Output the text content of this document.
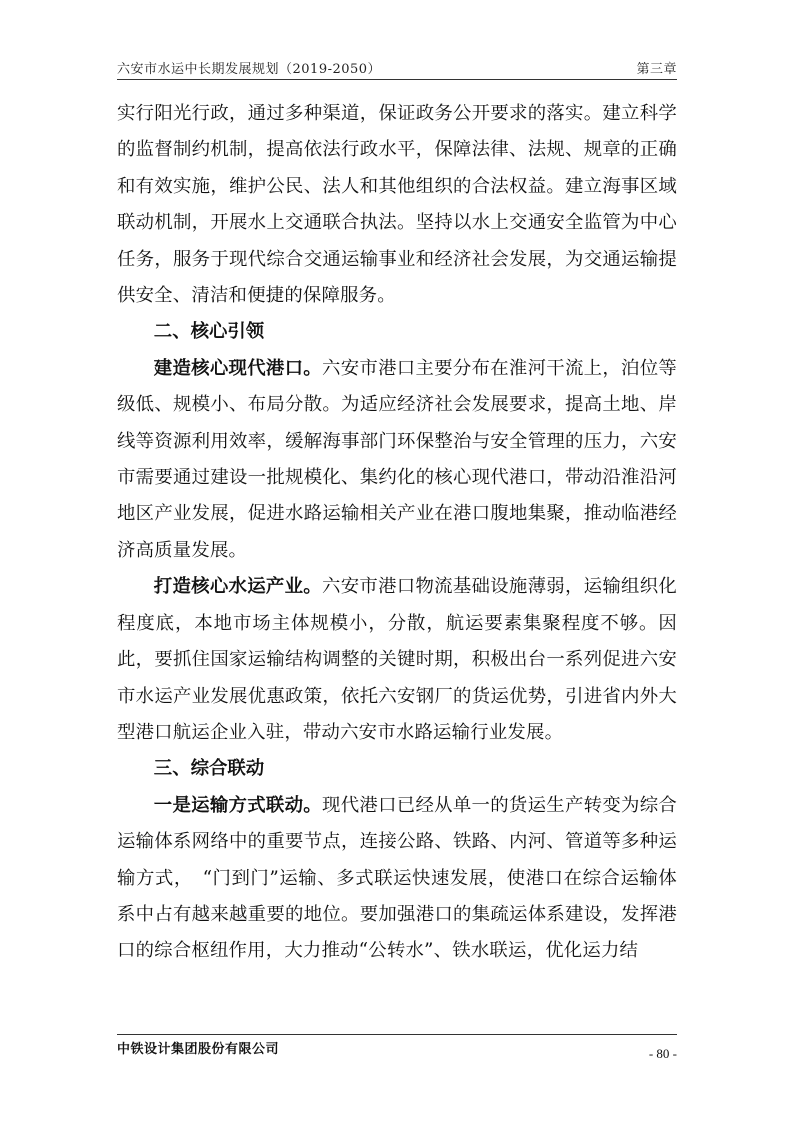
六安市水运中长期发展规划（2019-2050）	第三章

实行阳光行政，通过多种渠道，保证政务公开要求的落实。建立科学的监督制约机制，提高依法行政水平，保障法律、法规、规章的正确和有效实施，维护公民、法人和其他组织的合法权益。建立海事区域联动机制，开展水上交通联合执法。坚持以水上交通安全监管为中心任务，服务于现代综合交通运输事业和经济社会发展，为交通运输提供安全、清洁和便捷的保障服务。

二、核心引领

建造核心现代港口。六安市港口主要分布在淮河干流上，泊位等级低、规模小、布局分散。为适应经济社会发展要求，提高土地、岸线等资源利用效率，缓解海事部门环保整治与安全管理的压力，六安市需要通过建设一批规模化、集约化的核心现代港口，带动沿淮沿河地区产业发展，促进水路运输相关产业在港口腹地集聚，推动临港经济高质量发展。

打造核心水运产业。六安市港口物流基础设施薄弱，运输组织化程度底，本地市场主体规模小，分散，航运要素集聚程度不够。因此，要抓住国家运输结构调整的关键时期，积极出台一系列促进六安市水运产业发展优惠政策，依托六安钢厂的货运优势，引进省内外大型港口航运企业入驻，带动六安市水路运输行业发展。

三、综合联动

一是运输方式联动。现代港口已经从单一的货运生产转变为综合运输体系网络中的重要节点，连接公路、铁路、内河、管道等多种运输方式，　“门到门”运输、多式联运快速发展，使港口在综合运输体系中占有越来越重要的地位。要加强港口的集疏运体系建设，发挥港口的综合枢纽作用，大力推动“公转水”、铁水联运，优化运力结

中铁设计集团股份有限公司	- 80 -
